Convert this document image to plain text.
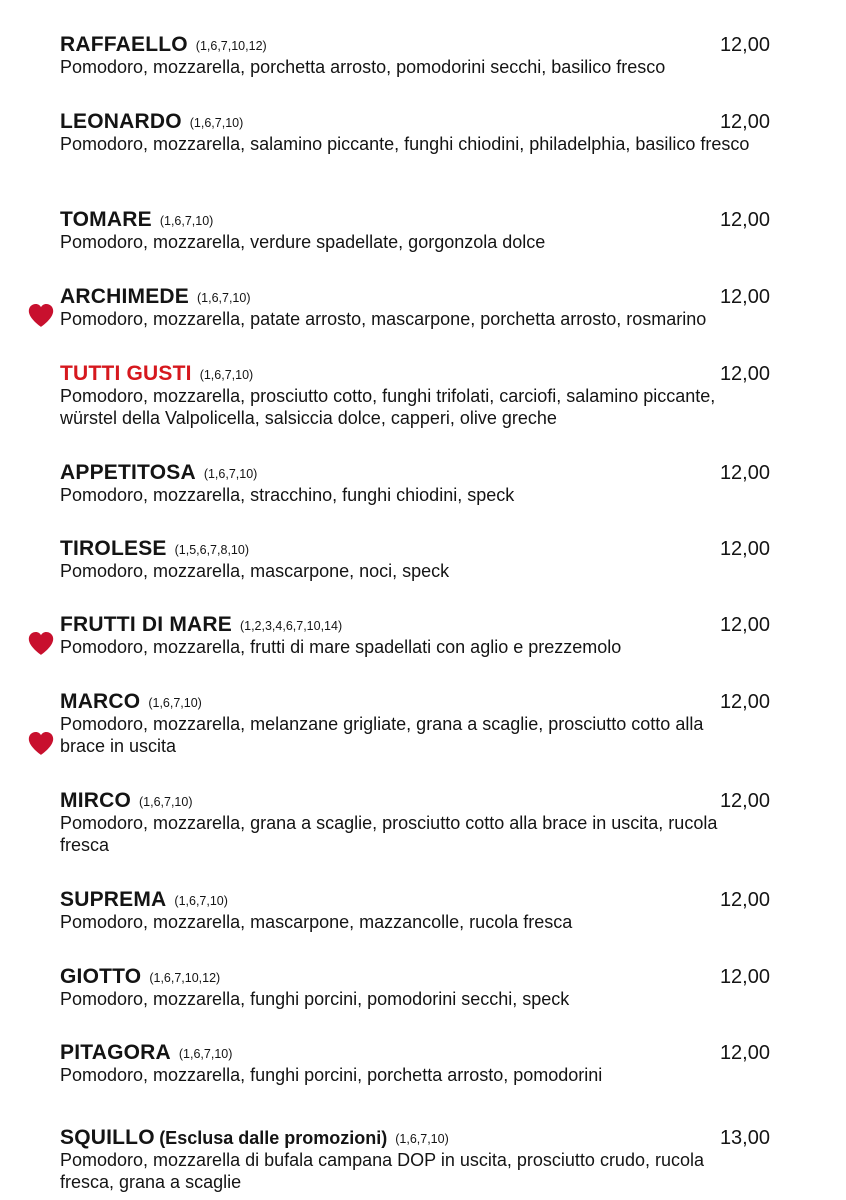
RAFFAELLO (1,6,7,10,12)	12,00
Pomodoro, mozzarella, porchetta arrosto, pomodorini secchi, basilico fresco
LEONARDO (1,6,7,10)	12,00
Pomodoro, mozzarella, salamino piccante, funghi chiodini, philadelphia, basilico fresco
TOMARE (1,6,7,10)	12,00
Pomodoro, mozzarella, verdure spadellate, gorgonzola dolce
ARCHIMEDE (1,6,7,10)	12,00
Pomodoro, mozzarella, patate arrosto, mascarpone, porchetta arrosto, rosmarino
TUTTI GUSTI (1,6,7,10)	12,00
Pomodoro, mozzarella, prosciutto cotto, funghi trifolati, carciofi, salamino piccante, würstel della Valpolicella, salsiccia dolce, capperi, olive greche
APPETITOSA (1,6,7,10)	12,00
Pomodoro, mozzarella, stracchino, funghi chiodini, speck
TIROLESE (1,5,6,7,8,10)	12,00
Pomodoro, mozzarella, mascarpone, noci, speck
FRUTTI DI MARE (1,2,3,4,6,7,10,14)	12,00
Pomodoro, mozzarella, frutti di mare spadellati con aglio e prezzemolo
MARCO (1,6,7,10)	12,00
Pomodoro, mozzarella, melanzane grigliate, grana a scaglie, prosciutto cotto alla brace in uscita
MIRCO (1,6,7,10)	12,00
Pomodoro, mozzarella, grana a scaglie, prosciutto cotto alla brace in uscita, rucola fresca
SUPREMA (1,6,7,10)	12,00
Pomodoro, mozzarella, mascarpone, mazzancolle, rucola fresca
GIOTTO (1,6,7,10,12)	12,00
Pomodoro, mozzarella, funghi porcini, pomodorini secchi, speck
PITAGORA (1,6,7,10)	12,00
Pomodoro, mozzarella, funghi porcini, porchetta arrosto, pomodorini
SQUILLO (Esclusa dalle promozioni) (1,6,7,10)	13,00
Pomodoro, mozzarella di bufala campana DOP in uscita, prosciutto crudo, rucola fresca, grana a scaglie
